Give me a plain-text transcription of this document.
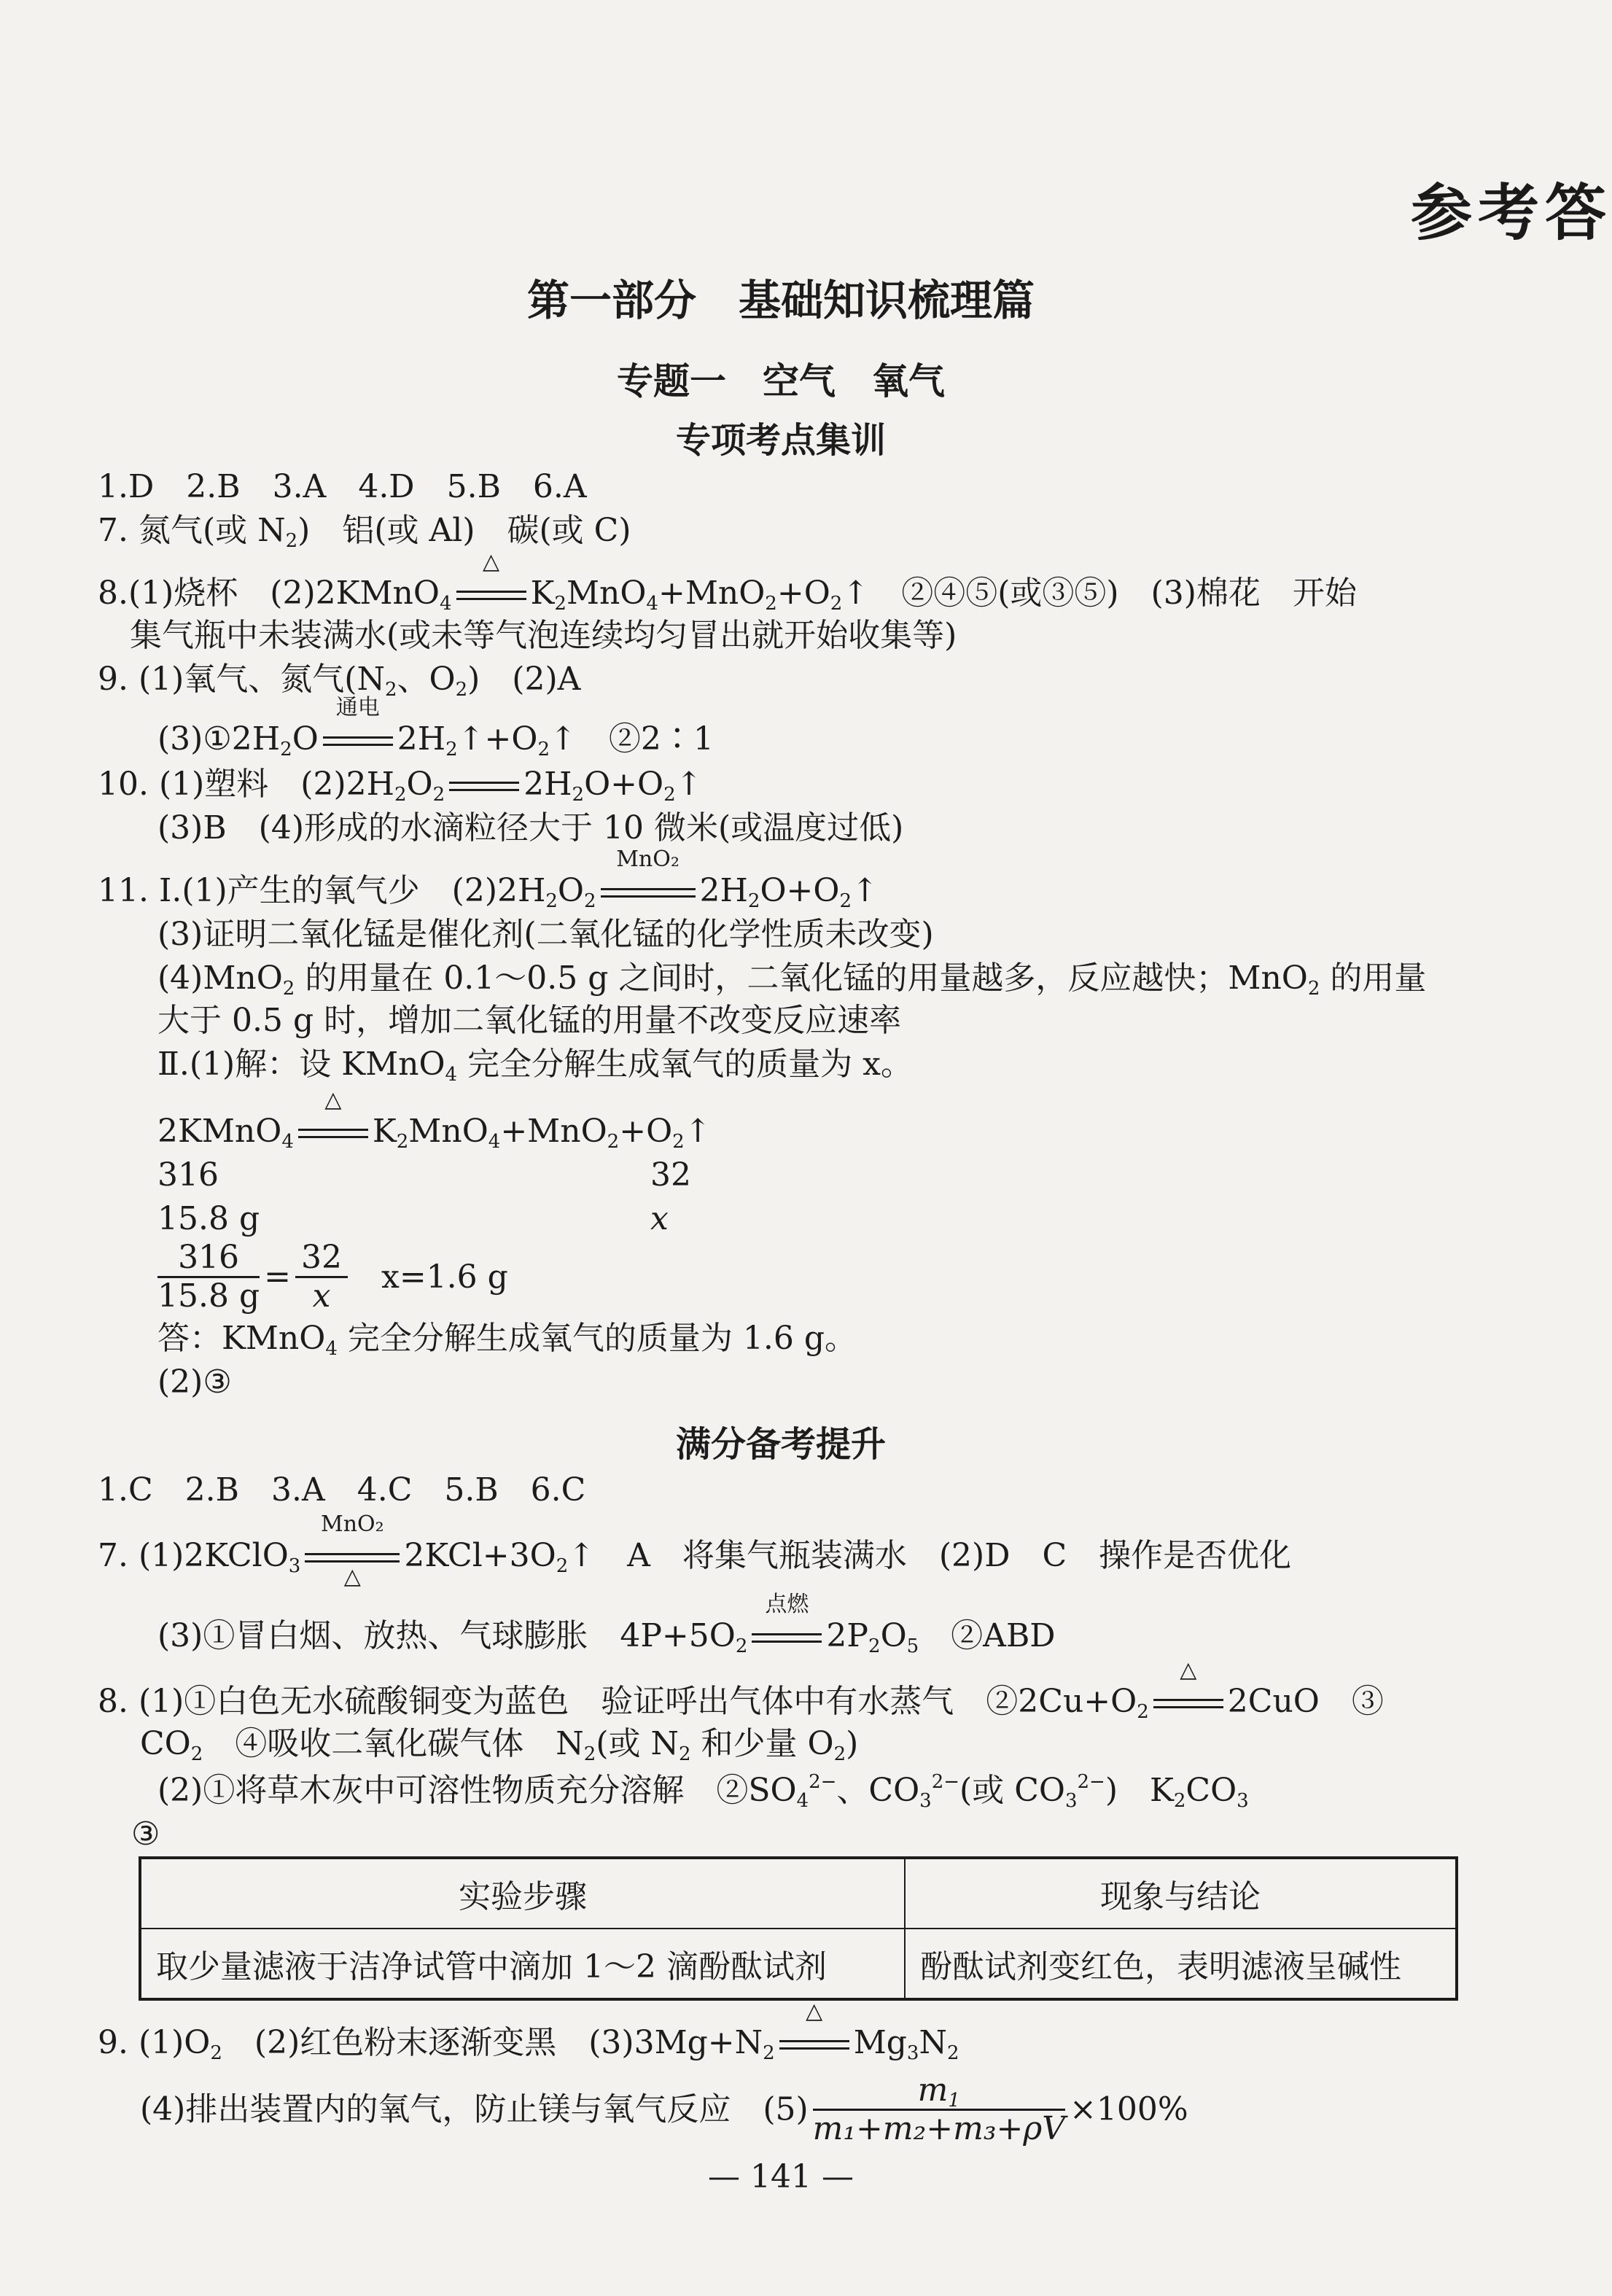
参考答
第一部分　基础知识梳理篇
专题一　空气　氧气
专项考点集训
1.D　2.B　3.A　4.D　5.B　6.A
7. 氮气(或 $N_2$)　铝(或 Al)　碳(或 C)
8.(1)烧杯　(2)2KMnO$_4$
△
$K_2MnO_4+MnO_2+O_2↑$　②④⑤(或③⑤)　(3)棉花　开始
集气瓶中未装满水(或未等气泡连续均匀冒出就开始收集等)
9. (1)氧气、氮气($N_2$、$O_2$)　(2)A
$(3)①2H_2O$
通电
$2H_2↑+O_2↑$　②2∶1
10. (1)塑料　$(2)2H_2O_2$ $2H_2O+O_2↑$
(3)B　(4)形成的水滴粒径大于 10 微米(或温度过低)
11. Ⅰ.(1)产生的氧气少　$(2)2H_2O_2$
MnO₂
$2H_2O+O_2↑$
(3)证明二氧化锰是催化剂(二氧化锰的化学性质未改变)
(4)MnO$_2$ 的用量在 0.1～0.5 g 之间时，二氧化锰的用量越多，反应越快；MnO$_2$ 的用量
大于 0.5 g 时，增加二氧化锰的用量不改变反应速率
Ⅱ.(1)解：设 KMnO$_4$ 完全分解生成氧气的质量为 x。
2KMnO$_4$
△
$K_2MnO_4+MnO_2+O_2↑$
316	32
15.8 g	x
$\frac{316}{15.8 g} = \frac{32}{x} x=1.6$ g
答：KMnO$_4$ 完全分解生成氧气的质量为 1.6 g。
(2)③
满分备考提升
1.C　2.B　3.A　4.C　5.B　6.C
7. (1)2KClO$_3$
MnO₂
△
$2KCl+3O_2↑$　A　将集气瓶装满水　(2)D　C　操作是否优化
(3)①冒白烟、放热、气球膨胀　$4P+5O_2$
点燃
$2P_2O_5$　②ABD
8. (1)①白色无水硫酸铜变为蓝色　验证呼出气体中有水蒸气　$②2Cu+O_2$
△
2CuO　③
$CO_2$　④吸收二氧化碳气体　$N_2$(或 $N_2$ 和少量 $O_2$)
(2)①将草木灰中可溶性物质充分溶解　$②SO_4^{2-}$、$CO_3^{2-}$(或 $CO_3^{2-}$)　$K_2CO_3$
③
实验步骤	现象与结论
取少量滤液于洁净试管中滴加 1～2 滴酚酞试剂	酚酞试剂变红色，表明滤液呈碱性
9. $(1)O_2$　(2)红色粉末逐渐变黑　$(3)3Mg+N_2$
△
$Mg_3N_2$
(4)排出装置内的氧气，防止镁与氧气反应　$(5) \frac{m_1}{\text{m₁+m₂+m₃+ρV}} \times 100\%$
— 141 —
